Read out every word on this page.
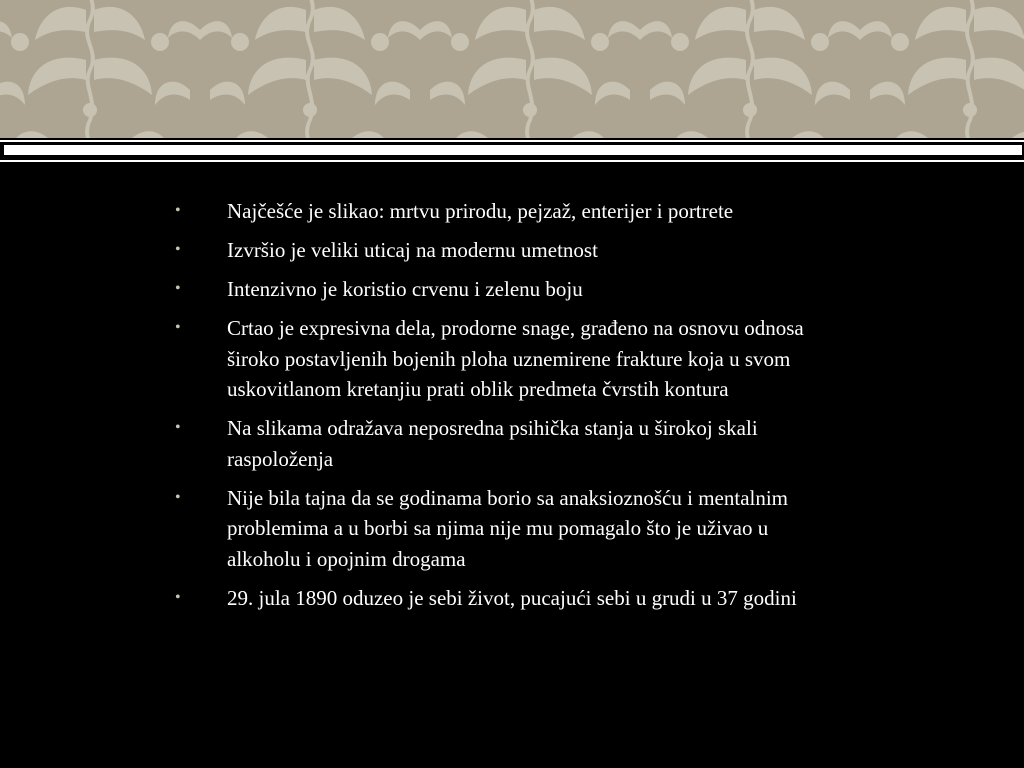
• Najčešće je slikao: mrtvu prirodu, pejzaž, enterijer i portrete
• Izvršio je veliki uticaj na modernu umetnost
• Intenzivno je koristio crvenu i zelenu boju
• Crtao je expresivna dela, prodorne snage, građeno na osnovu odnosa široko postavljenih bojenih ploha uznemirene frakture koja u svom uskovitlanom kretanjiu prati oblik predmeta čvrstih kontura
• Na slikama odražava neposredna psihička stanja u širokoj skali raspoloženja
• Nije bila tajna da se godinama borio sa anaksioznošću i mentalnim problemima a u borbi sa njima nije mu pomagalo što je uživao u alkoholu i opojnim drogama
• 29. jula 1890 oduzeo je sebi život, pucajući sebi u grudi u 37 godini
